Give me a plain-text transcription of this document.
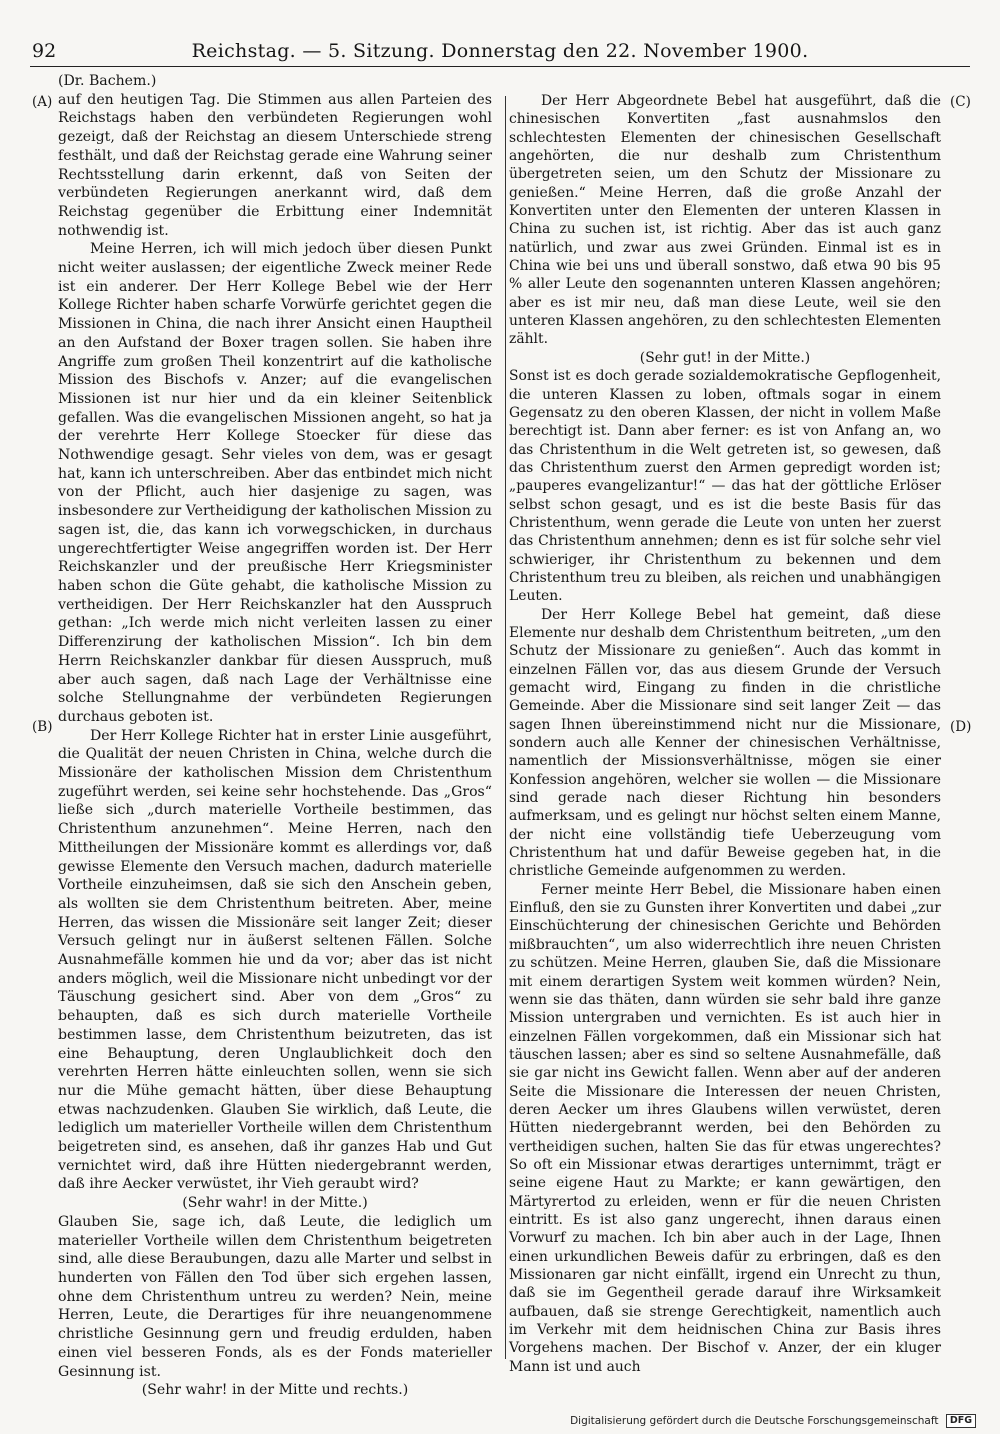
92	Reichstag. — 5. Sitzung. Donnerstag den 22. November 1900.
(A)
(B)
(C)
(D)

(Dr. Bachem.)

auf den heutigen Tag. Die Stimmen aus allen Parteien des Reichstags haben den verbündeten Regierungen wohl gezeigt, daß der Reichstag an diesem Unterschiede streng festhält, und daß der Reichstag gerade eine Wahrung seiner Rechtsstellung darin erkennt, daß von Seiten der verbündeten Regierungen anerkannt wird, daß dem Reichstag gegenüber die Erbittung einer Indemnität nothwendig ist.

Meine Herren, ich will mich jedoch über diesen Punkt nicht weiter auslassen; der eigentliche Zweck meiner Rede ist ein anderer. Der Herr Kollege Bebel wie der Herr Kollege Richter haben scharfe Vorwürfe gerichtet gegen die Missionen in China, die nach ihrer Ansicht einen Hauptheil an den Aufstand der Boxer tragen sollen. Sie haben ihre Angriffe zum großen Theil konzentrirt auf die katholische Mission des Bischofs v. Anzer; auf die evangelischen Missionen ist nur hier und da ein kleiner Seitenblick gefallen. Was die evangelischen Missionen angeht, so hat ja der verehrte Herr Kollege Stoecker für diese das Nothwendige gesagt. Sehr vieles von dem, was er gesagt hat, kann ich unterschreiben. Aber das entbindet mich nicht von der Pflicht, auch hier dasjenige zu sagen, was insbesondere zur Vertheidigung der katholischen Mission zu sagen ist, die, das kann ich vorwegschicken, in durchaus ungerechtfertigter Weise angegriffen worden ist. Der Herr Reichskanzler und der preußische Herr Kriegsminister haben schon die Güte gehabt, die katholische Mission zu vertheidigen. Der Herr Reichskanzler hat den Ausspruch gethan: „Ich werde mich nicht verleiten lassen zu einer Differenzirung der katholischen Mission“. Ich bin dem Herrn Reichskanzler dankbar für diesen Ausspruch, muß aber auch sagen, daß nach Lage der Verhältnisse eine solche Stellungnahme der verbündeten Regierungen durchaus geboten ist.

Der Herr Kollege Richter hat in erster Linie ausgeführt, die Qualität der neuen Christen in China, welche durch die Missionäre der katholischen Mission dem Christenthum zugeführt werden, sei keine sehr hochstehende. Das „Gros“ ließe sich „durch materielle Vortheile bestimmen, das Christenthum anzunehmen“. Meine Herren, nach den Mittheilungen der Missionäre kommt es allerdings vor, daß gewisse Elemente den Versuch machen, dadurch materielle Vortheile einzuheimsen, daß sie sich den Anschein geben, als wollten sie dem Christenthum beitreten. Aber, meine Herren, das wissen die Missionäre seit langer Zeit; dieser Versuch gelingt nur in äußerst seltenen Fällen. Solche Ausnahmefälle kommen hie und da vor; aber das ist nicht anders möglich, weil die Missionare nicht unbedingt vor der Täuschung gesichert sind. Aber von dem „Gros“ zu behaupten, daß es sich durch materielle Vortheile bestimmen lasse, dem Christenthum beizutreten, das ist eine Behauptung, deren Unglaublichkeit doch den verehrten Herren hätte einleuchten sollen, wenn sie sich nur die Mühe gemacht hätten, über diese Behauptung etwas nachzudenken. Glauben Sie wirklich, daß Leute, die lediglich um materieller Vortheile willen dem Christenthum beigetreten sind, es ansehen, daß ihr ganzes Hab und Gut vernichtet wird, daß ihre Hütten niedergebrannt werden, daß ihre Aecker verwüstet, ihr Vieh geraubt wird?

(Sehr wahr! in der Mitte.)

Glauben Sie, sage ich, daß Leute, die lediglich um materieller Vortheile willen dem Christenthum beigetreten sind, alle diese Beraubungen, dazu alle Marter und selbst in hunderten von Fällen den Tod über sich ergehen lassen, ohne dem Christenthum untreu zu werden? Nein, meine Herren, Leute, die Derartiges für ihre neuangenommene christliche Gesinnung gern und freudig erdulden, haben einen viel besseren Fonds, als es der Fonds materieller Gesinnung ist.

(Sehr wahr! in der Mitte und rechts.)

Der Herr Abgeordnete Bebel hat ausgeführt, daß die chinesischen Konvertiten „fast ausnahmslos den schlechtesten Elementen der chinesischen Gesellschaft angehörten, die nur deshalb zum Christenthum übergetreten seien, um den Schutz der Missionare zu genießen.“ Meine Herren, daß die große Anzahl der Konvertiten unter den Elementen der unteren Klassen in China zu suchen ist, ist richtig. Aber das ist auch ganz natürlich, und zwar aus zwei Gründen. Einmal ist es in China wie bei uns und überall sonstwo, daß etwa 90 bis 95 % aller Leute den sogenannten unteren Klassen angehören; aber es ist mir neu, daß man diese Leute, weil sie den unteren Klassen angehören, zu den schlechtesten Elementen zählt.

(Sehr gut! in der Mitte.)

Sonst ist es doch gerade sozialdemokratische Gepflogenheit, die unteren Klassen zu loben, oftmals sogar in einem Gegensatz zu den oberen Klassen, der nicht in vollem Maße berechtigt ist. Dann aber ferner: es ist von Anfang an, wo das Christenthum in die Welt getreten ist, so gewesen, daß das Christenthum zuerst den Armen gepredigt worden ist; „pauperes evangelizantur!“ — das hat der göttliche Erlöser selbst schon gesagt, und es ist die beste Basis für das Christenthum, wenn gerade die Leute von unten her zuerst das Christenthum annehmen; denn es ist für solche sehr viel schwieriger, ihr Christenthum zu bekennen und dem Christenthum treu zu bleiben, als reichen und unabhängigen Leuten.

Der Herr Kollege Bebel hat gemeint, daß diese Elemente nur deshalb dem Christenthum beitreten, „um den Schutz der Missionare zu genießen“. Auch das kommt in einzelnen Fällen vor, das aus diesem Grunde der Versuch gemacht wird, Eingang zu finden in die christliche Gemeinde. Aber die Missionare sind seit langer Zeit — das sagen Ihnen übereinstimmend nicht nur die Missionare, sondern auch alle Kenner der chinesischen Verhältnisse, namentlich der Missionsverhältnisse, mögen sie einer Konfession angehören, welcher sie wollen — die Missionare sind gerade nach dieser Richtung hin besonders aufmerksam, und es gelingt nur höchst selten einem Manne, der nicht eine vollständig tiefe Ueberzeugung vom Christenthum hat und dafür Beweise gegeben hat, in die christliche Gemeinde aufgenommen zu werden.

Ferner meinte Herr Bebel, die Missionare haben einen Einfluß, den sie zu Gunsten ihrer Konvertiten und dabei „zur Einschüchterung der chinesischen Gerichte und Behörden mißbrauchten“, um also widerrechtlich ihre neuen Christen zu schützen. Meine Herren, glauben Sie, daß die Missionare mit einem derartigen System weit kommen würden? Nein, wenn sie das thäten, dann würden sie sehr bald ihre ganze Mission untergraben und vernichten. Es ist auch hier in einzelnen Fällen vorgekommen, daß ein Missionar sich hat täuschen lassen; aber es sind so seltene Ausnahmefälle, daß sie gar nicht ins Gewicht fallen. Wenn aber auf der anderen Seite die Missionare die Interessen der neuen Christen, deren Aecker um ihres Glaubens willen verwüstet, deren Hütten niedergebrannt werden, bei den Behörden zu vertheidigen suchen, halten Sie das für etwas ungerechtes? So oft ein Missionar etwas derartiges unternimmt, trägt er seine eigene Haut zu Markte; er kann gewärtigen, den Märtyrertod zu erleiden, wenn er für die neuen Christen eintritt. Es ist also ganz ungerecht, ihnen daraus einen Vorwurf zu machen. Ich bin aber auch in der Lage, Ihnen einen urkundlichen Beweis dafür zu erbringen, daß es den Missionaren gar nicht einfällt, irgend ein Unrecht zu thun, daß sie im Gegentheil gerade darauf ihre Wirksamkeit aufbauen, daß sie strenge Gerechtigkeit, namentlich auch im Verkehr mit dem heidnischen China zur Basis ihres Vorgehens machen. Der Bischof v. Anzer, der ein kluger Mann ist und auch

Digitalisierung gefördert durch die Deutsche Forschungsgemeinschaft DFG
